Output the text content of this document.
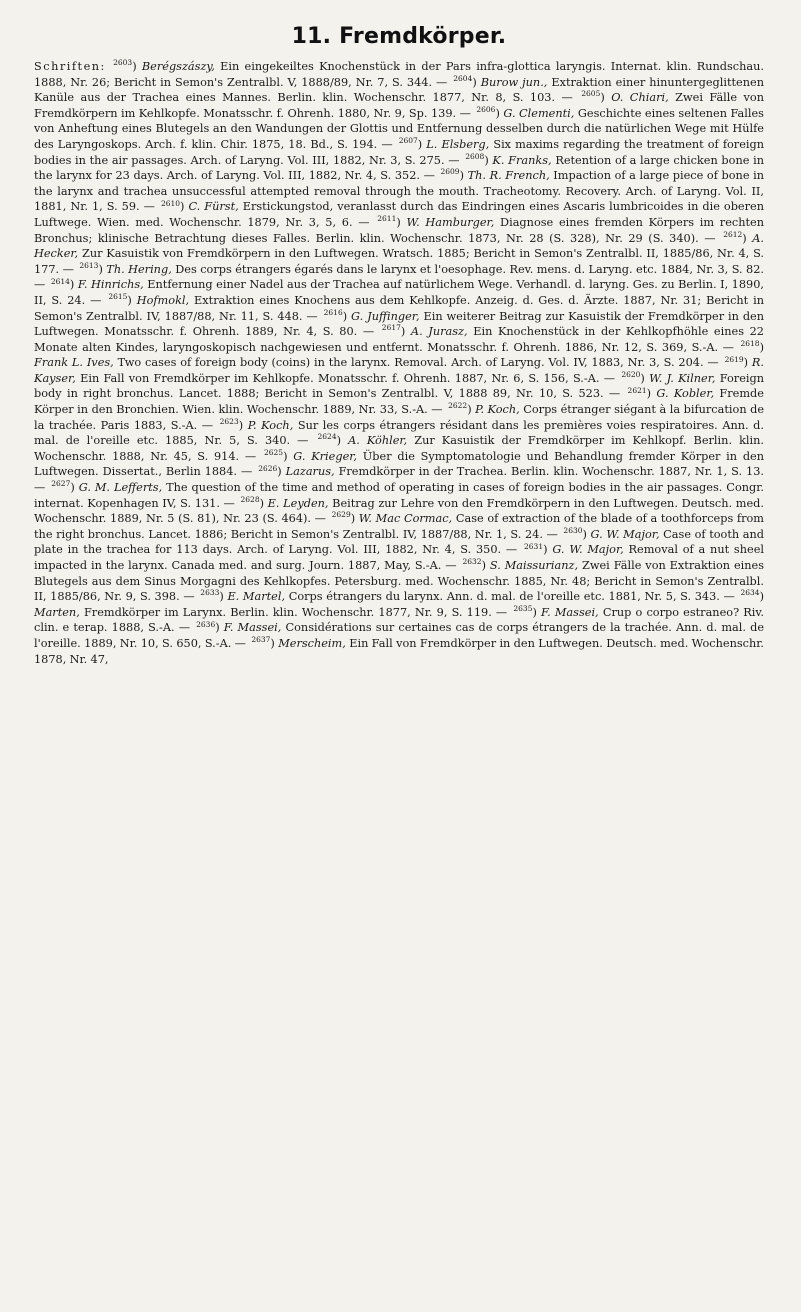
11. Fremdkörper.
Schriften: $^{2603}$) Berégszászy, Ein eingekeiltes Knochenstück in der Pars infra-glottica laryngis. Internat. klin. Rundschau. 1888, Nr. 26; Bericht in Semon's Zentralbl. V, 1888/89, Nr. 7, S. 344. — $^{2604}$) Burow jun., Extraktion einer hinuntergeglittenen Kanüle aus der Trachea eines Mannes. Berlin. klin. Wochenschr. 1877, Nr. 8, S. 103. — $^{2605}$) O. Chiari, Zwei Fälle von Fremdkörpern im Kehlkopfe. Monatsschr. f. Ohrenh. 1880, Nr. 9, Sp. 139. — $^{2606}$) G. Clementi, Geschichte eines seltenen Falles von Anheftung eines Blutegels an den Wandungen der Glottis und Entfernung desselben durch die natürlichen Wege mit Hülfe des Laryngoskops. Arch. f. klin. Chir. 1875, 18. Bd., S. 194. — $^{2607}$) L. Elsberg, Six maxims regarding the treatment of foreign bodies in the air passages. Arch. of Laryng. Vol. III, 1882, Nr. 3, S. 275. — $^{2608}$) K. Franks, Retention of a large chicken bone in the larynx for 23 days. Arch. of Laryng. Vol. III, 1882, Nr. 4, S. 352. — $^{2609}$) Th. R. French, Impaction of a large piece of bone in the larynx and trachea unsuccessful attempted removal through the mouth. Tracheotomy. Recovery. Arch. of Laryng. Vol. II, 1881, Nr. 1, S. 59. — $^{2610}$) C. Fürst, Erstickungstod, veranlasst durch das Eindringen eines Ascaris lumbricoides in die oberen Luftwege. Wien. med. Wochenschr. 1879, Nr. 3, 5, 6. — $^{2611}$) W. Hamburger, Diagnose eines fremden Körpers im rechten Bronchus; klinische Betrachtung dieses Falles. Berlin. klin. Wochenschr. 1873, Nr. 28 (S. 328), Nr. 29 (S. 340). — $^{2612}$) A. Hecker, Zur Kasuistik von Fremdkörpern in den Luftwegen. Wratsch. 1885; Bericht in Semon's Zentralbl. II, 1885/86, Nr. 4, S. 177. — $^{2613}$) Th. Hering, Des corps étrangers égarés dans le larynx et l'oesophage. Rev. mens. d. Laryng. etc. 1884, Nr. 3, S. 82. — $^{2614}$) F. Hinrichs, Entfernung einer Nadel aus der Trachea auf natürlichem Wege. Verhandl. d. laryng. Ges. zu Berlin. I, 1890, II, S. 24. — $^{2615}$) Hofmokl, Extraktion eines Knochens aus dem Kehlkopfe. Anzeig. d. Ges. d. Ärzte. 1887, Nr. 31; Bericht in Semon's Zentralbl. IV, 1887/88, Nr. 11, S. 448. — $^{2616}$) G. Juffinger, Ein weiterer Beitrag zur Kasuistik der Fremdkörper in den Luftwegen. Monatsschr. f. Ohrenh. 1889, Nr. 4, S. 80. — $^{2617}$) A. Jurasz, Ein Knochenstück in der Kehlkopfhöhle eines 22 Monate alten Kindes, laryngoskopisch nachgewiesen und entfernt. Monatsschr. f. Ohrenh. 1886, Nr. 12, S. 369, S.-A. — $^{2618}$) Frank L. Ives, Two cases of foreign body (coins) in the larynx. Removal. Arch. of Laryng. Vol. IV, 1883, Nr. 3, S. 204. — $^{2619}$) R. Kayser, Ein Fall von Fremdkörper im Kehlkopfe. Monatsschr. f. Ohrenh. 1887, Nr. 6, S. 156, S.-A. — $^{2620}$) W. J. Kilner, Foreign body in right bronchus. Lancet. 1888; Bericht in Semon's Zentralbl. V, 1888 89, Nr. 10, S. 523. — $^{2621}$) G. Kobler, Fremde Körper in den Bronchien. Wien. klin. Wochenschr. 1889, Nr. 33, S.-A. — $^{2622}$) P. Koch, Corps étranger siégant à la bifurcation de la trachée. Paris 1883, S.-A. — $^{2623}$) P. Koch, Sur les corps étrangers résidant dans les premières voies respiratoires. Ann. d. mal. de l'oreille etc. 1885, Nr. 5, S. 340. — $^{2624}$) A. Köhler, Zur Kasuistik der Fremdkörper im Kehlkopf. Berlin. klin. Wochenschr. 1888, Nr. 45, S. 914. — $^{2625}$) G. Krieger, Über die Symptomatologie und Behandlung fremder Körper in den Luftwegen. Dissertat., Berlin 1884. — $^{2626}$) Lazarus, Fremdkörper in der Trachea. Berlin. klin. Wochenschr. 1887, Nr. 1, S. 13. — $^{2627}$) G. M. Lefferts, The question of the time and method of operating in cases of foreign bodies in the air passages. Congr. internat. Kopenhagen IV, S. 131. — $^{2628}$) E. Leyden, Beitrag zur Lehre von den Fremdkörpern in den Luftwegen. Deutsch. med. Wochenschr. 1889, Nr. 5 (S. 81), Nr. 23 (S. 464). — $^{2629}$) W. Mac Cormac, Case of extraction of the blade of a toothforceps from the right bronchus. Lancet. 1886; Bericht in Semon's Zentralbl. IV, 1887/88, Nr. 1, S. 24. — $^{2630}$) G. W. Major, Case of tooth and plate in the trachea for 113 days. Arch. of Laryng. Vol. III, 1882, Nr. 4, S. 350. — $^{2631}$) G. W. Major, Removal of a nut sheel impacted in the larynx. Canada med. and surg. Journ. 1887, May, S.-A. — $^{2632}$) S. Maissurianz, Zwei Fälle von Extraktion eines Blutegels aus dem Sinus Morgagni des Kehlkopfes. Petersburg. med. Wochenschr. 1885, Nr. 48; Bericht in Semon's Zentralbl. II, 1885/86, Nr. 9, S. 398. — $^{2633}$) E. Martel, Corps étrangers du larynx. Ann. d. mal. de l'oreille etc. 1881, Nr. 5, S. 343. — $^{2634}$) Marten, Fremdkörper im Larynx. Berlin. klin. Wochenschr. 1877, Nr. 9, S. 119. — $^{2635}$) F. Massei, Crup o corpo estraneo? Riv. clin. e terap. 1888, S.-A. — $^{2636}$) F. Massei, Considérations sur certaines cas de corps étrangers de la trachée. Ann. d. mal. de l'oreille. 1889, Nr. 10, S. 650, S.-A. — $^{2637}$) Merscheim, Ein Fall von Fremdkörper in den Luftwegen. Deutsch. med. Wochenschr. 1878, Nr. 47,
